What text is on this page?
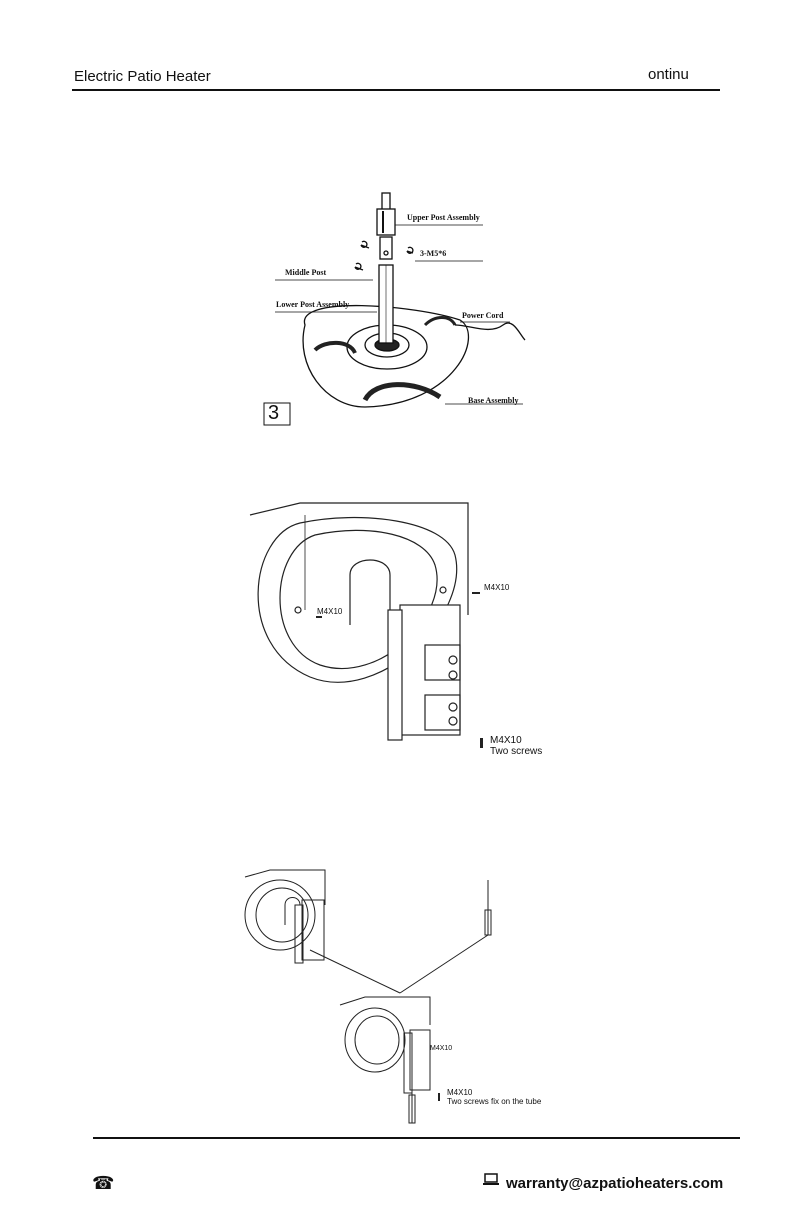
Electric Patio Heater	ontinu
Upper Post Assembly
3-M5*6
Middle Post
Lower Post Assembly
Power Cord
Base Assembly
3
M4X10
M4X10
M4X10
Two screws
M4X10
M4X10
Two screws fix on the tube
☎	warranty@azpatioheaters.com
